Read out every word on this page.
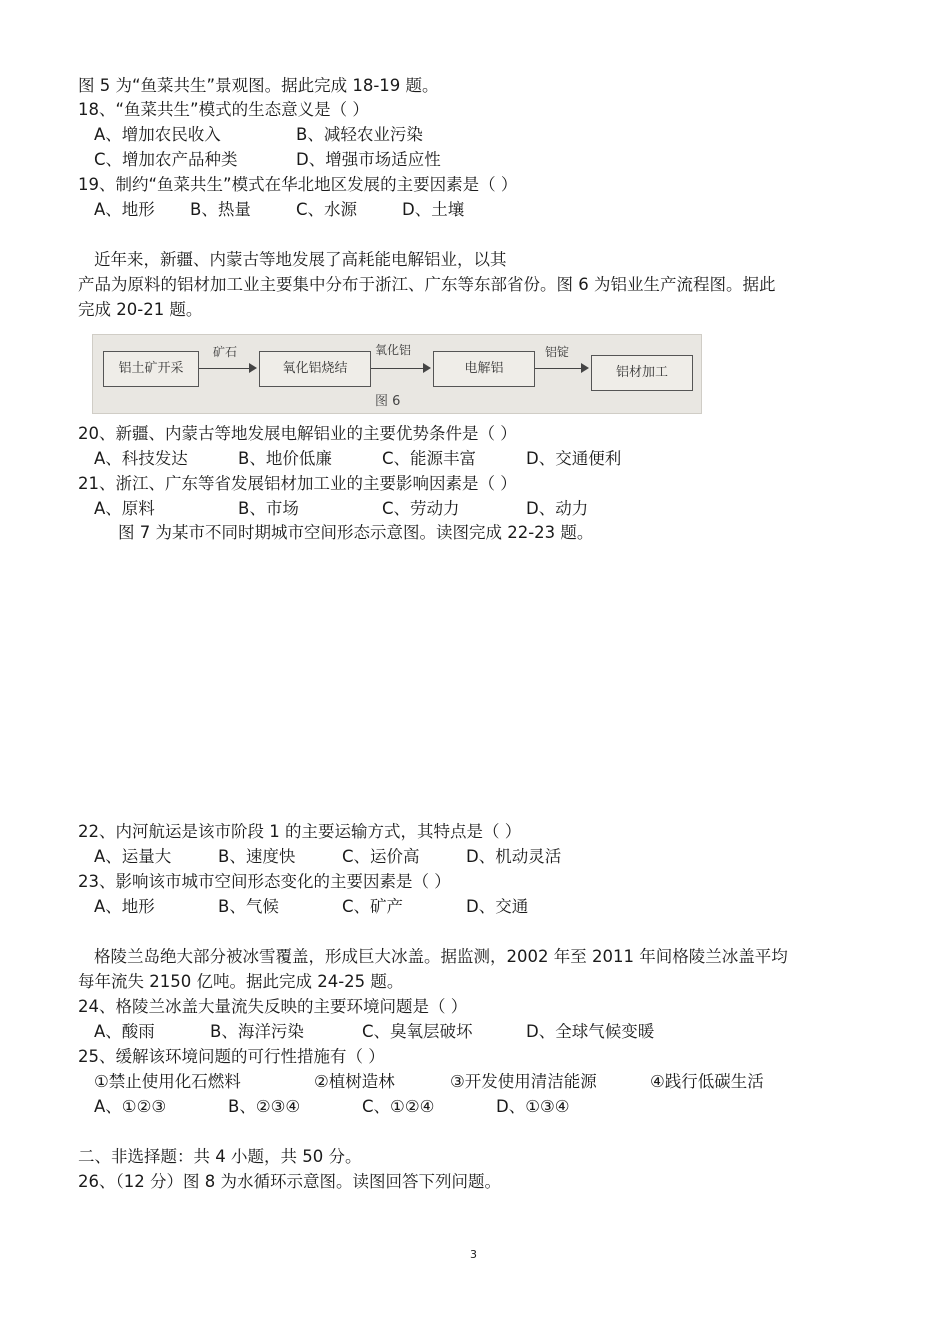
图 5 为“鱼菜共生”景观图。据此完成 18-19 题。
18、“鱼菜共生”模式的生态意义是（ ）
A、增加农民收入	B、减轻农业污染
C、增加农产品种类	D、增强市场适应性
19、制约“鱼菜共生”模式在华北地区发展的主要因素是（ ）
A、地形 B、热量	C、水源	D、土壤
近年来，新疆、内蒙古等地发展了高耗能电解铝业，以其
产品为原料的铝材加工业主要集中分布于浙江、广东等东部省份。图 6 为铝业生产流程图。据此
完成 20-21 题。
铝土矿开采
矿石
氧化铝烧结
氧化铝
电解铝
铝锭
铝材加工
图 6
20、新疆、内蒙古等地发展电解铝业的主要优势条件是（ ）
A、科技发达	B、地价低廉	C、能源丰富	D、交通便利
21、浙江、广东等省发展铝材加工业的主要影响因素是（ ）
A、原料	B、市场	C、劳动力	D、动力
图 7 为某市不同时期城市空间形态示意图。读图完成 22-23 题。
22、内河航运是该市阶段 1 的主要运输方式，其特点是（ ）
A、运量大	B、速度快	C、运价高	D、机动灵活
23、影响该市城市空间形态变化的主要因素是（ ）
A、地形	B、气候	C、矿产	D、交通
格陵兰岛绝大部分被冰雪覆盖，形成巨大冰盖。据监测，2002 年至 2011 年间格陵兰冰盖平均
每年流失 2150 亿吨。据此完成 24-25 题。
24、格陵兰冰盖大量流失反映的主要环境问题是（ ）
A、酸雨	B、海洋污染	C、臭氧层破坏	D、全球气候变暖
25、缓解该环境问题的可行性措施有（ ）
①禁止使用化石燃料	②植树造林	③开发使用清洁能源	④践行低碳生活
A、①②③	B、②③④	C、①②④	D、①③④
二、非选择题：共 4 小题，共 50 分。
26、（12 分）图 8 为水循环示意图。读图回答下列问题。
3
